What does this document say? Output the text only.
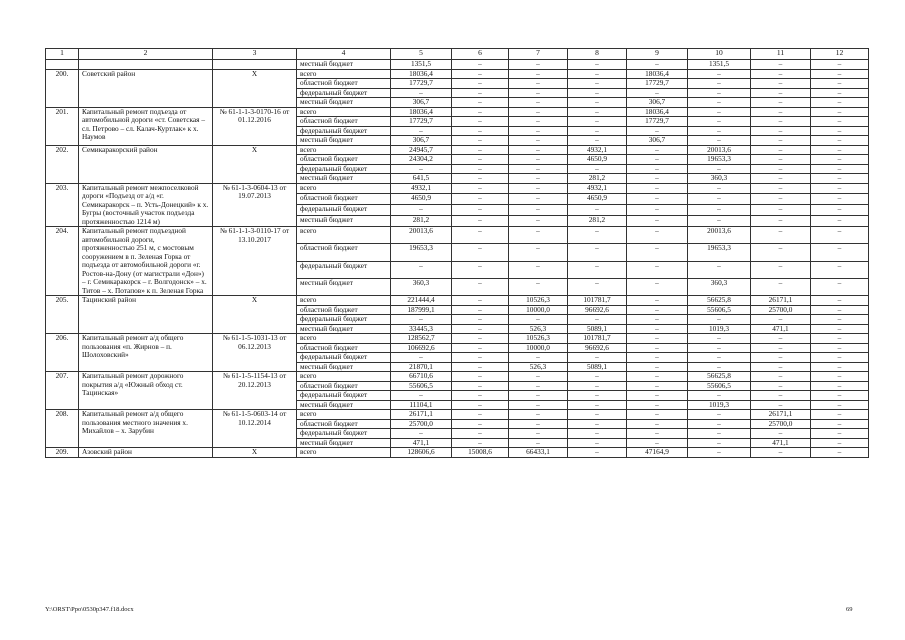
1	2	3	4	5	6	7	8	9	10	11	12
			местный бюджет	1351,5	–	–	–	–	1351,5	–	–
200.	Советский район	Х	всего	18036,4	–	–	–	18036,4	–	–	–
			областной бюджет	17729,7	–	–	–	17729,7	–	–	–
			федеральный бюджет	–	–	–	–	–	–	–	–
			местный бюджет	306,7	–	–	–	306,7	–	–	–
201.	Капитальный ремонт подъезда от автомобильной дороги «ст. Советская – сл. Петрово – сл. Калач-Куртлак» к х. Наумов	№ 61-1-1-3-0170-16 от 01.12.2016	всего	18036,4	–	–	–	18036,4	–	–	–
			областной бюджет	17729,7	–	–	–	17729,7	–	–	–
			федеральный бюджет	–	–	–	–	–	–	–	–
			местный бюджет	306,7	–	–	–	306,7	–	–	–
202.	Семикаракорский район	Х	всего	24945,7	–	–	4932,1	–	20013,6	–	–
			областной бюджет	24304,2	–	–	4650,9	–	19653,3	–	–
			федеральный бюджет	–	–	–	–	–	–	–	–
			местный бюджет	641,5	–	–	281,2	–	360,3	–	–
203.	Капитальный ремонт межпоселковой дороги «Подъезд от а/д «г. Семикаракорск – п. Усть-Донецкий» к х. Бугры (восточный участок подъезда протяженностью 1214 м)	№ 61-1-3-0604-13 от 19.07.2013	всего	4932,1	–	–	4932,1	–	–	–	–
			областной бюджет	4650,9	–	–	4650,9	–	–	–	–
			федеральный бюджет	–	–	–	–	–	–	–	–
			местный бюджет	281,2	–	–	281,2	–	–	–	–
204.	Капитальный ремонт подъездной автомобильной дороги, протяженностью 251 м, с мостовым сооружением в п. Зеленая Горка от подъезда от автомобильной дороги «г. Ростов-на-Дону (от магистрали «Дон») – г. Семикаракорск – г. Волгодонск» – х. Титов – х. Потапов» к п. Зеленая Горка	№ 61-1-1-3-0110-17 от 13.10.2017	всего	20013,6	–	–	–	–	20013,6	–	–
			областной бюджет	19653,3	–	–	–	–	19653,3	–	–
			федеральный бюджет	–	–	–	–	–	–	–	–
			местный бюджет	360,3	–	–	–	–	360,3	–	–
205.	Тацинский район	Х	всего	221444,4	–	10526,3	101781,7	–	56625,8	26171,1	–
			областной бюджет	187999,1	–	10000,0	96692,6	–	55606,5	25700,0	–
			федеральный бюджет	–	–	–	–	–	–	–	–
			местный бюджет	33445,3	–	526,3	5089,1	–	1019,3	471,1	–
206.	Капитальный ремонт а/д общего пользования «п. Жирнов – п. Шолоховский»	№ 61-1-5-1031-13 от 06.12.2013	всего	128562,7	–	10526,3	101781,7	–	–	–	–
			областной бюджет	106692,6	–	10000,0	96692,6	–	–	–	–
			федеральный бюджет	–	–	–	–	–	–	–	–
			местный бюджет	21870,1	–	526,3	5089,1	–	–	–	–
207.	Капитальный ремонт дорожного покрытия а/д «Южный обход ст. Тацинская»	№ 61-1-5-1154-13 от 20.12.2013	всего	66710,6	–	–	–	–	56625,8	–	–
			областной бюджет	55606,5	–	–	–	–	55606,5	–	–
			федеральный бюджет	–	–	–	–	–	–	–	–
			местный бюджет	11104,1	–	–	–	–	1019,3	–	–
208.	Капитальный ремонт а/д общего пользования местного значения х. Михайлов – х. Зарубин	№ 61-1-5-0603-14 от 10.12.2014	всего	26171,1	–	–	–	–	–	26171,1	–
			областной бюджет	25700,0	–	–	–	–	–	25700,0	–
			федеральный бюджет	–	–	–	–	–	–	–	–
			местный бюджет	471,1	–	–	–	–	–	471,1	–
209.	Азовский район	Х	всего	128606,6	15008,6	66433,1	–	47164,9	–	–	–
Y:\ORST\Ppo\0530p347.f18.docx	69
